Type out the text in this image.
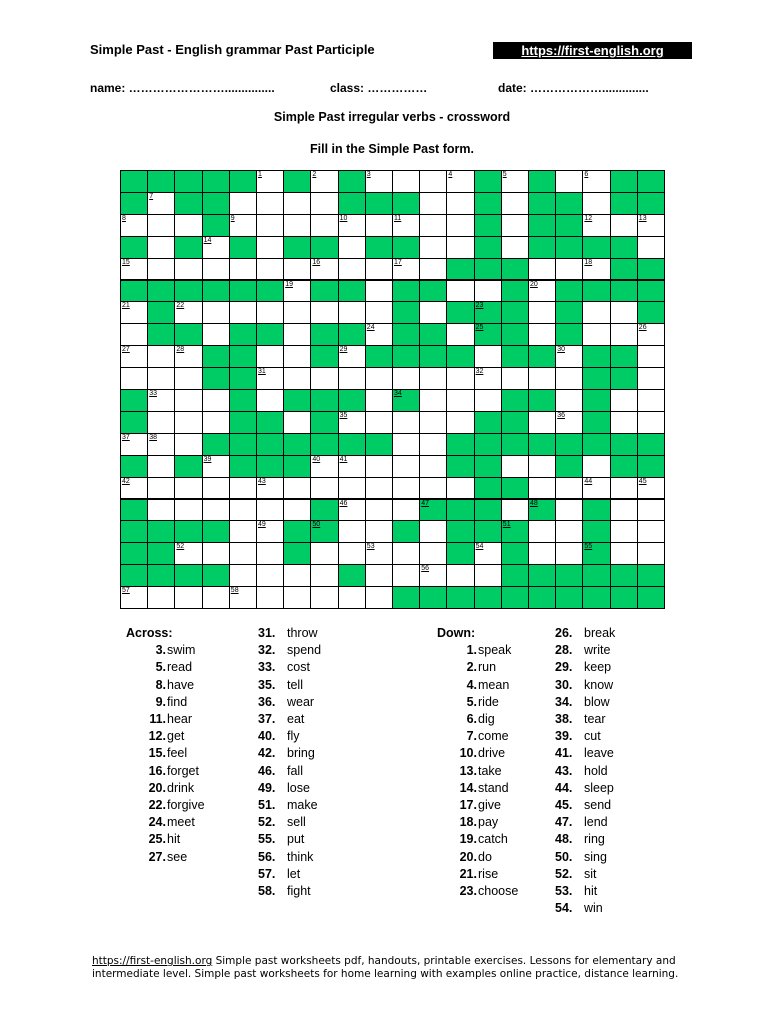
Simple Past - English grammar Past Participle	https://first-english.org
name: ……………………...............	class: ……………	date: ………………..............
Simple Past irregular verbs - crossword
Fill in the Simple Past form.
1	2	3	4	5	6
7
8	9	10	11	12	13
14
15	16	17	18
19	20
21	22	23
24	25	26
27	28	29	30
31	32
33	34
35	36
37	38
39	40	41
42	43	44	45
46	47	48
49	50	51
52	53	54	55
56
57	58
Across:
3. swim
5. read
8. have
9. find
11. hear
12. get
15. feel
16. forget
20. drink
22. forgive
24. meet
25. hit
27. see
31. throw
32. spend
33. cost
35. tell
36. wear
37. eat
40. fly
42. bring
46. fall
49. lose
51. make
52. sell
55. put
56. think
57. let
58. fight
Down:
1. speak
2. run
4. mean
5. ride
6. dig
7. come
10. drive
13. take
14. stand
17. give
18. pay
19. catch
20. do
21. rise
23. choose
26. break
28. write
29. keep
30. know
34. blow
38. tear
39. cut
41. leave
43. hold
44. sleep
45. send
47. lend
48. ring
50. sing
52. sit
53. hit
54. win
https://first-english.org Simple past worksheets pdf, handouts, printable exercises. Lessons for elementary and intermediate level. Simple past worksheets for home learning with examples online practice, distance learning.
